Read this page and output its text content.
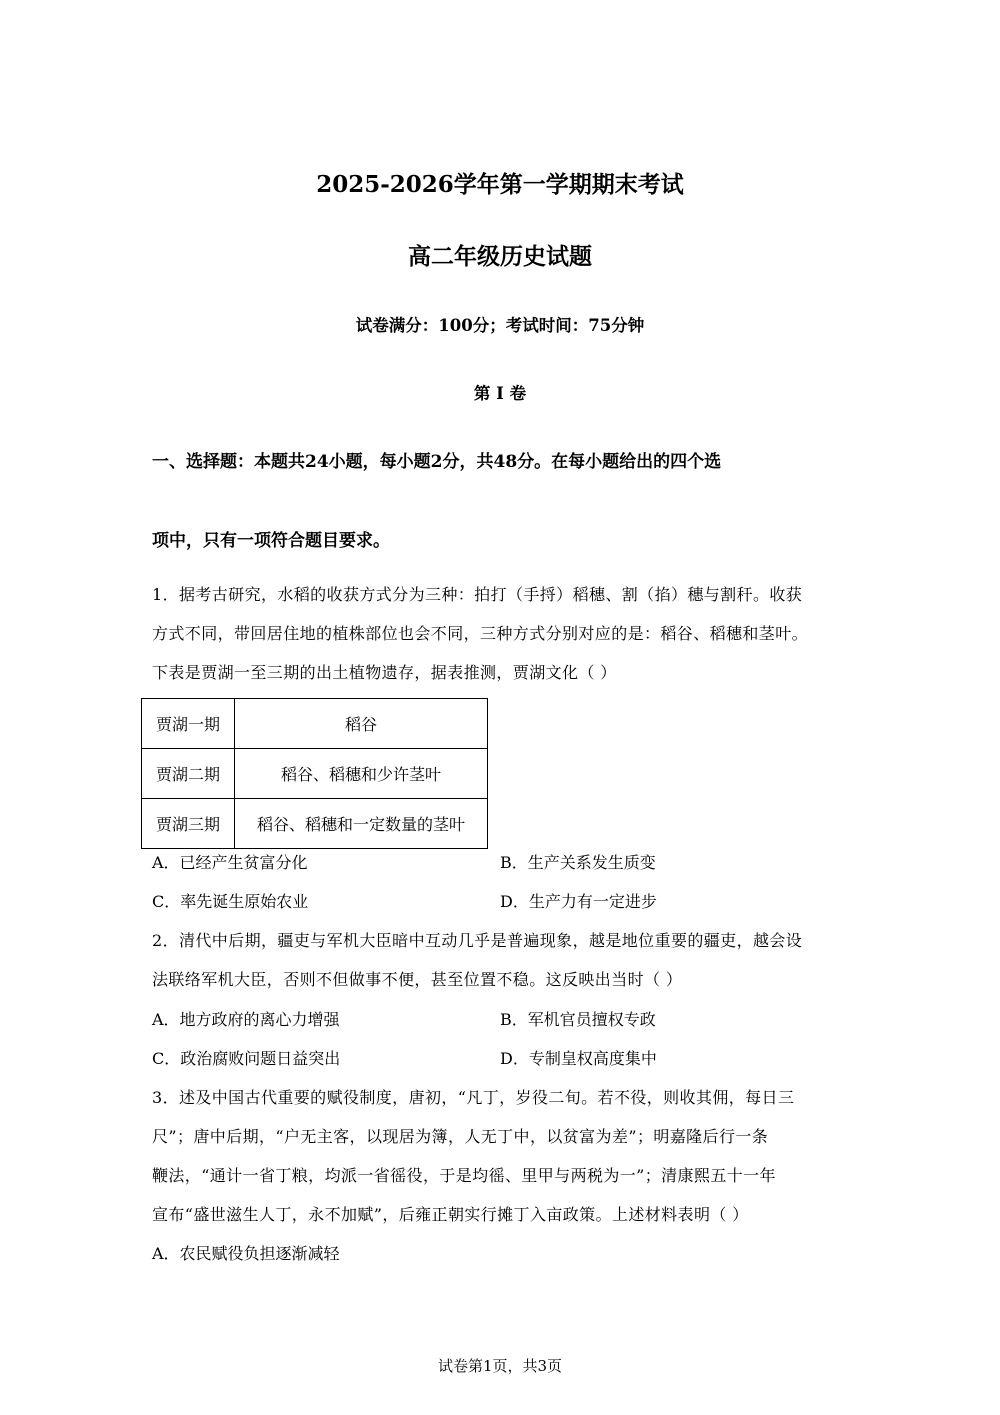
2025-2026学年第一学期期末考试
高二年级历史试题
试卷满分：100分；考试时间：75分钟
第 I 卷
一、选择题：本题共24小题，每小题2分，共48分。在每小题给出的四个选
项中，只有一项符合题目要求。
1．据考古研究，水稻的收获方式分为三种：拍打（手捋）稻穗、割（掐）穗与割秆。收获
方式不同，带回居住地的植株部位也会不同，三种方式分别对应的是：稻谷、稻穗和茎叶。
下表是贾湖一至三期的出土植物遗存，据表推测，贾湖文化（ ）
贾湖一期	稻谷
贾湖二期	稻谷、稻穗和少许茎叶
贾湖三期	稻谷、稻穗和一定数量的茎叶
A．已经产生贫富分化	B．生产关系发生质变
C．率先诞生原始农业	D．生产力有一定进步
2．清代中后期，疆吏与军机大臣暗中互动几乎是普遍现象，越是地位重要的疆吏，越会设
法联络军机大臣，否则不但做事不便，甚至位置不稳。这反映出当时（ ）
A．地方政府的离心力增强	B．军机官员擅权专政
C．政治腐败问题日益突出	D．专制皇权高度集中
3．述及中国古代重要的赋役制度，唐初，“凡丁，岁役二旬。若不役，则收其佣，每日三
尺”；唐中后期，“户无主客，以现居为簿，人无丁中，以贫富为差”；明嘉隆后行一条
鞭法，“通计一省丁粮，均派一省徭役，于是均徭、里甲与两税为一”；清康熙五十一年
宣布“盛世滋生人丁，永不加赋”，后雍正朝实行摊丁入亩政策。上述材料表明（ ）
A．农民赋役负担逐渐减轻
试卷第1页，共3页
